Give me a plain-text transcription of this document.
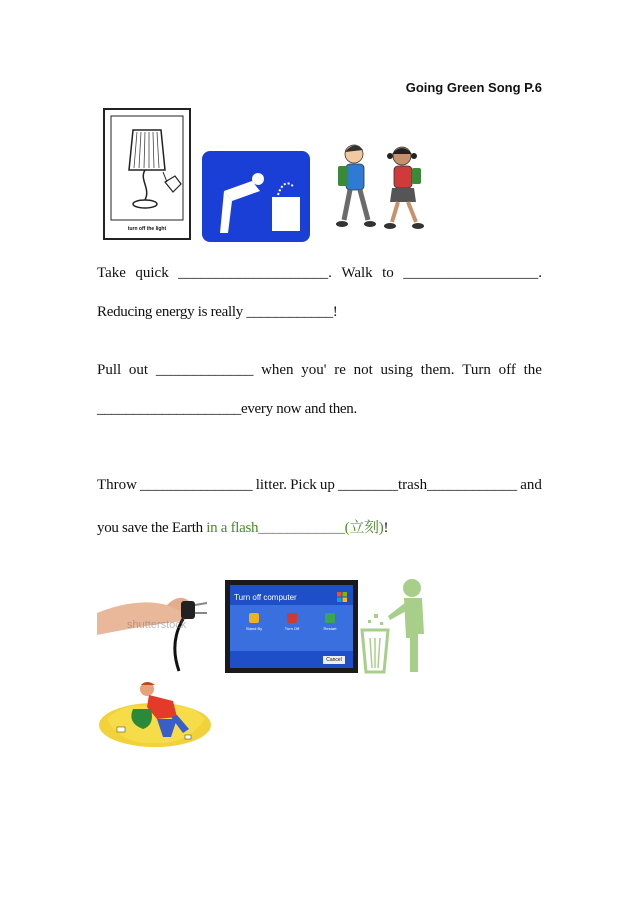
Going Green Song P.6
turn off the light
Take quick ____________________. Walk to __________________.
Reducing energy is really ____________!
Pull out _____________ when you' re not using them. Turn off the
____________________every now and then.
Throw _______________ litter. Pick up ________trash____________ and
you save the Earth in a flash____________(立刻)!
shutterstock
Turn off computer
Stand By	Turn Off	Restart
Cancel
